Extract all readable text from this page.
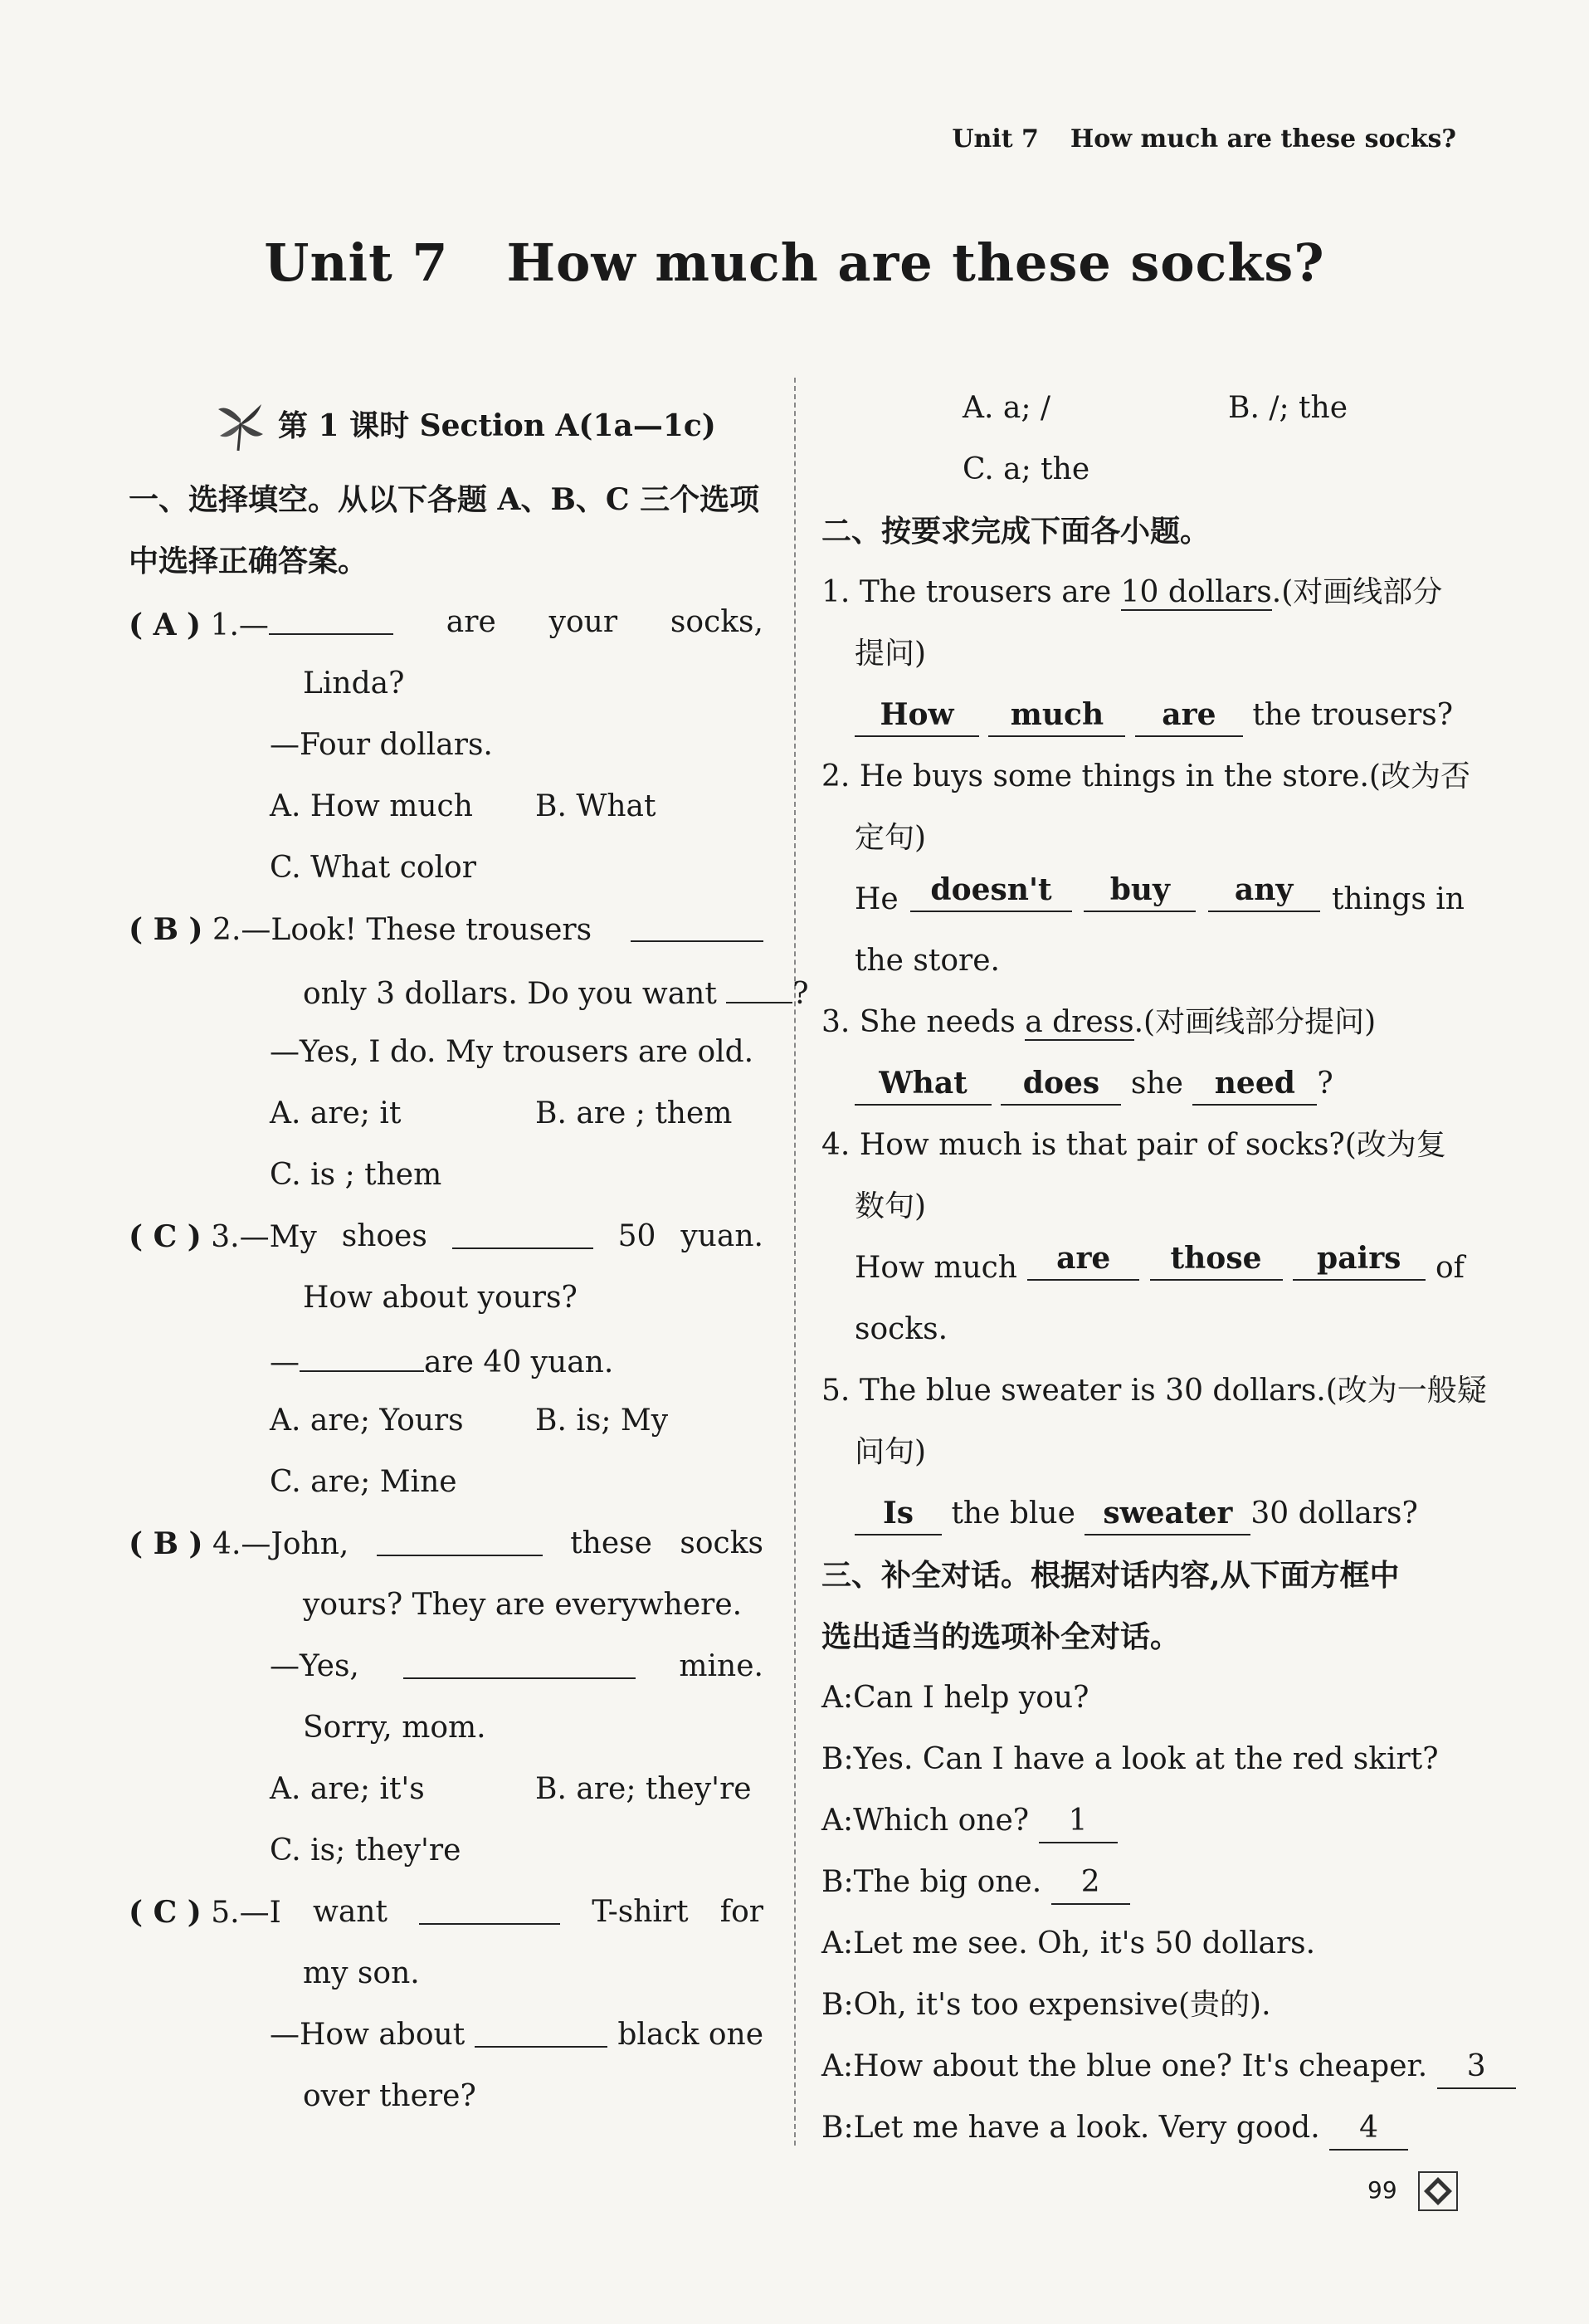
Unit 7 How much are these socks?
Unit 7 How much are these socks?
第 1 课时 Section A(1a—1c)
一、选择填空。从以下各题 A、B、C 三个选项
中选择正确答案。
( A ) 1.—	are your socks,
Linda?
—Four dollars.
A. How much B. What
C. What color
( B ) 2.—Look! These trousers
only 3 dollars. Do you want	?
—Yes, I do. My trousers are old.
A. are; it	B. are ; them
C. is ; them
( C ) 3.—My shoes	50 yuan.
How about yours?
—	are 40 yuan.
A. are; Yours B. is; My
C. are; Mine
( B ) 4.—John,	these socks
yours? They are everywhere.
—Yes,	mine.
Sorry, mom.
A. are; it's	B. are; they're
C. is; they're
( C ) 5.—I want	T-shirt for
my son.
—How about	black one
over there?
A. a; /	B. /; the
C. a; the
二、按要求完成下面各小题。
1. The trousers are 10 dollars.(对画线部分
提问)
How much are the trousers?
2. He buys some things in the store.(改为否
定句)
He	doesn't	buy	any	things in
the store.
3. She needs a dress.(对画线部分提问)
What does she need ?
4. How much is that pair of socks?(改为复
数句)
How much	are	those	pairs	of
socks.
5. The blue sweater is 30 dollars.(改为一般疑
问句)
Is the blue sweater 30 dollars?
三、补全对话。根据对话内容,从下面方框中
选出适当的选项补全对话。
A:Can I help you?
B:Yes. Can I have a look at the red skirt?
A:Which one? 1
B:The big one. 2
A:Let me see. Oh, it's 50 dollars.
B:Oh, it's too expensive(贵的).
A:How about the blue one? It's cheaper. 3
B:Let me have a look. Very good. 4
99
